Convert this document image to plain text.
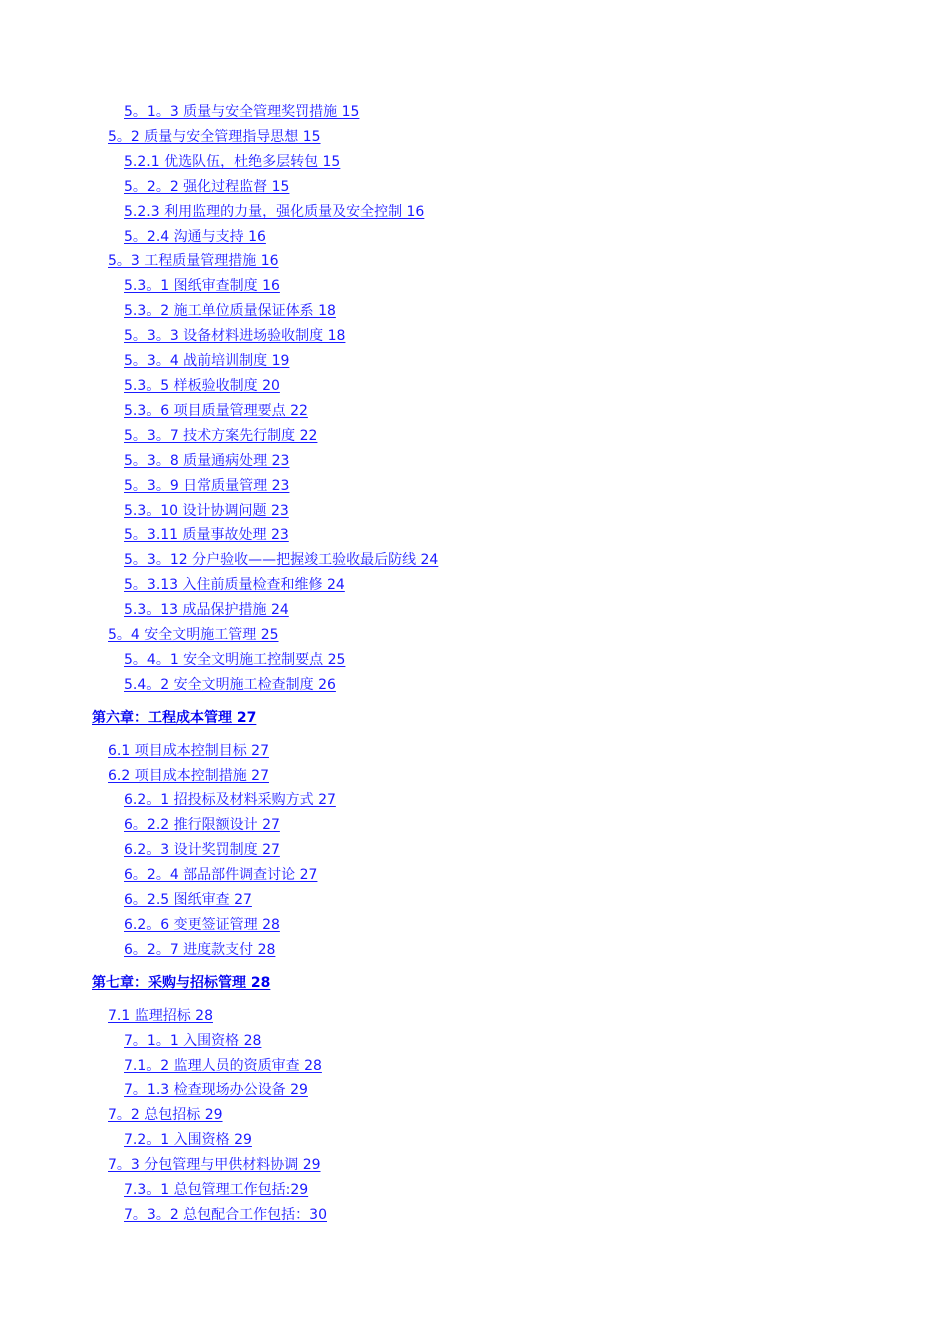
5。1。3 质量与安全管理奖罚措施 15
5。2 质量与安全管理指导思想 15
5.2.1 优选队伍，杜绝多层转包 15
5。2。2 强化过程监督 15
5.2.3 利用监理的力量，强化质量及安全控制 16
5。2.4 沟通与支持 16
5。3 工程质量管理措施 16
5.3。1 图纸审查制度 16
5.3。2 施工单位质量保证体系 18
5。3。3 设备材料进场验收制度 18
5。3。4 战前培训制度 19
5.3。5 样板验收制度 20
5.3。6 项目质量管理要点 22
5。3。7 技术方案先行制度 22
5。3。8 质量通病处理 23
5。3。9 日常质量管理 23
5.3。10 设计协调问题 23
5。3.11 质量事故处理 23
5。3。12 分户验收——把握竣工验收最后防线 24
5。3.13 入住前质量检查和维修 24
5.3。13 成品保护措施 24
5。4 安全文明施工管理 25
5。4。1 安全文明施工控制要点 25
5.4。2 安全文明施工检查制度 26
第六章：工程成本管理 27
6.1 项目成本控制目标 27
6.2 项目成本控制措施 27
6.2。1 招投标及材料采购方式 27
6。2.2 推行限额设计 27
6.2。3 设计奖罚制度 27
6。2。4 部品部件调查讨论 27
6。2.5 图纸审查 27
6.2。6 变更签证管理 28
6。2。7 进度款支付 28
第七章：采购与招标管理 28
7.1 监理招标 28
7。1。1 入围资格 28
7.1。2 监理人员的资质审查 28
7。1.3 检查现场办公设备 29
7。2 总包招标 29
7.2。1 入围资格 29
7。3 分包管理与甲供材料协调 29
7.3。1 总包管理工作包括:29
7。3。2 总包配合工作包括：30
